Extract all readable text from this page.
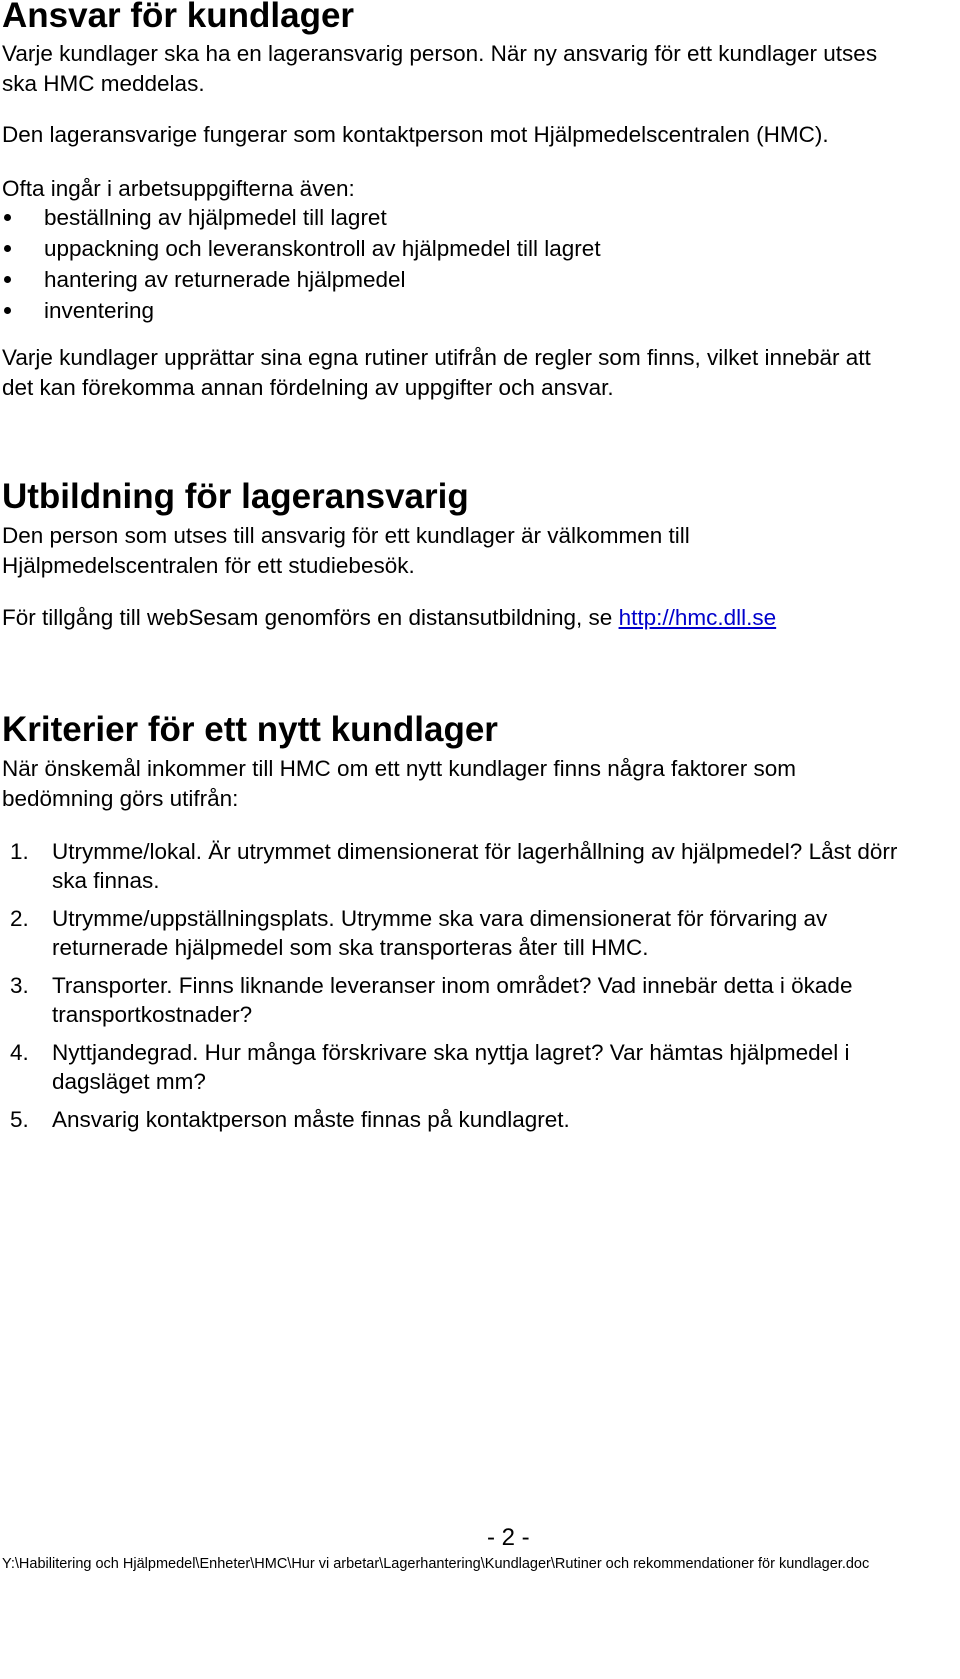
Ansvar för kundlager

Varje kundlager ska ha en lageransvarig person. När ny ansvarig för ett kundlager utses ska HMC meddelas.

Den lageransvarige fungerar som kontaktperson mot Hjälpmedelscentralen (HMC).

Ofta ingår i arbetsuppgifterna även:

beställning av hjälpmedel till lagret
uppackning och leveranskontroll av hjälpmedel till lagret
hantering av returnerade hjälpmedel
inventering

Varje kundlager upprättar sina egna rutiner utifrån de regler som finns, vilket innebär att det kan förekomma annan fördelning av uppgifter och ansvar.

Utbildning för lageransvarig

Den person som utses till ansvarig för ett kundlager är välkommen till Hjälpmedelscentralen för ett studiebesök.

För tillgång till webSesam genomförs en distansutbildning, se http://hmc.dll.se

Kriterier för ett nytt kundlager

När önskemål inkommer till HMC om ett nytt kundlager finns några faktorer som bedömning görs utifrån:

1. Utrymme/lokal. Är utrymmet dimensionerat för lagerhållning av hjälpmedel? Låst dörr ska finnas.
2. Utrymme/uppställningsplats. Utrymme ska vara dimensionerat för förvaring av returnerade hjälpmedel som ska transporteras åter till HMC.
3. Transporter. Finns liknande leveranser inom området? Vad innebär detta i ökade transportkostnader?
4. Nyttjandegrad. Hur många förskrivare ska nyttja lagret? Var hämtas hjälpmedel i dagsläget mm?
5. Ansvarig kontaktperson måste finnas på kundlagret.
- 2 -
Y:\Habilitering och Hjälpmedel\Enheter\HMC\Hur vi arbetar\Lagerhantering\Kundlager\Rutiner och rekommendationer för kundlager.doc
